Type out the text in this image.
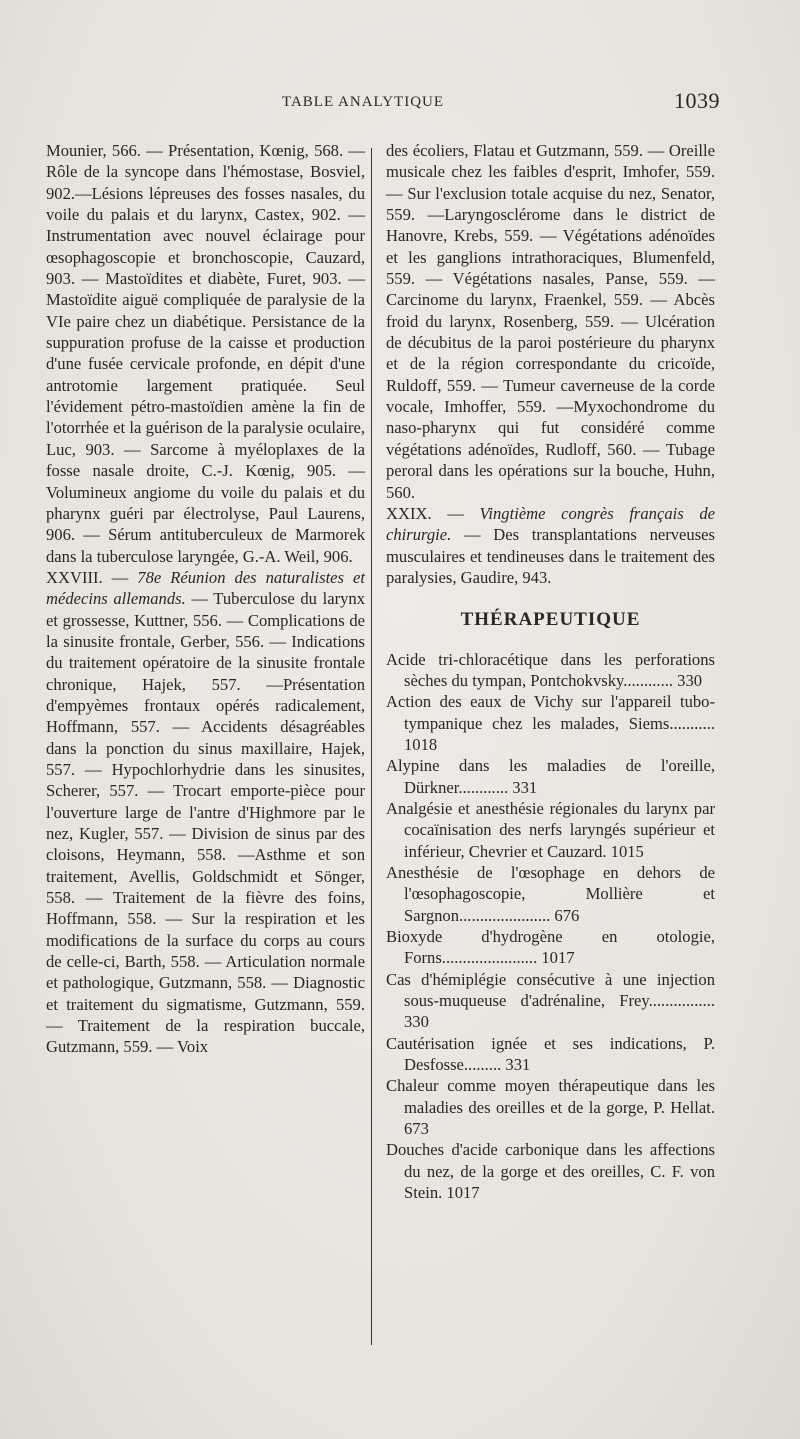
TABLE ANALYTIQUE	1039

Mounier, 566. — Présentation, Kœnig, 568. — Rôle de la syncope dans l'hémostase, Bosviel, 902.—Lésions lépreuses des fosses nasales, du voile du palais et du larynx, Castex, 902. — Instrumentation avec nouvel éclairage pour œsophagoscopie et bronchoscopie, Cauzard, 903. — Mastoïdites et diabète, Furet, 903. — Mastoïdite aiguë compliquée de paralysie de la VIe paire chez un diabétique. Persistance de la suppuration profuse de la caisse et production d'une fusée cervicale profonde, en dépit d'une antrotomie largement pratiquée. Seul l'évidement pétro-mastoïdien amène la fin de l'otorrhée et la guérison de la paralysie oculaire, Luc, 903. — Sarcome à myéloplaxes de la fosse nasale droite, C.-J. Kœnig, 905. — Volumineux angiome du voile du palais et du pharynx guéri par électrolyse, Paul Laurens, 906. — Sérum antituberculeux de Marmorek dans la tuberculose laryngée, G.-A. Weil, 906.

XXVIII. — 78e Réunion des naturalistes et médecins allemands. — Tuberculose du larynx et grossesse, Kuttner, 556. — Complications de la sinusite frontale, Gerber, 556. — Indications du traitement opératoire de la sinusite frontale chronique, Hajek, 557. —Présentation d'empyèmes frontaux opérés radicalement, Hoffmann, 557. — Accidents désagréables dans la ponction du sinus maxillaire, Hajek, 557. — Hypochlorhydrie dans les sinusites, Scherer, 557. — Trocart emporte-pièce pour l'ouverture large de l'antre d'Highmore par le nez, Kugler, 557. — Division de sinus par des cloisons, Heymann, 558. —Asthme et son traitement, Avellis, Goldschmidt et Sönger, 558. — Traitement de la fièvre des foins, Hoffmann, 558. — Sur la respiration et les modifications de la surface du corps au cours de celle-ci, Barth, 558. — Articulation normale et pathologique, Gutzmann, 558. — Diagnostic et traitement du sigmatisme, Gutzmann, 559. — Traitement de la respiration buccale, Gutzmann, 559. — Voix

des écoliers, Flatau et Gutzmann, 559. — Oreille musicale chez les faibles d'esprit, Imhofer, 559. — Sur l'exclusion totale acquise du nez, Senator, 559. —Laryngosclérome dans le district de Hanovre, Krebs, 559. — Végétations adénoïdes et les ganglions intrathoraciques, Blumenfeld, 559. — Végétations nasales, Panse, 559. — Carcinome du larynx, Fraenkel, 559. — Abcès froid du larynx, Rosenberg, 559. — Ulcération de décubitus de la paroi postérieure du pharynx et de la région correspondante du cricoïde, Ruldoff, 559. — Tumeur caverneuse de la corde vocale, Imhoffer, 559. —Myxochondrome du naso-pharynx qui fut considéré comme végétations adénoïdes, Rudloff, 560. — Tubage peroral dans les opérations sur la bouche, Huhn, 560.

XXIX. — Vingtième congrès français de chirurgie. — Des transplantations nerveuses musculaires et tendineuses dans le traitement des paralysies, Gaudire, 943.

THÉRAPEUTIQUE

Acide tri-chloracétique dans les perforations sèches du tympan, Pontchokvsky............ 330

Action des eaux de Vichy sur l'appareil tubo-tympanique chez les malades, Siems........... 1018

Alypine dans les maladies de l'oreille, Dürkner............ 331

Analgésie et anesthésie régionales du larynx par cocaïnisation des nerfs laryngés supérieur et inférieur, Chevrier et Cauzard. 1015

Anesthésie de l'œsophage en dehors de l'œsophagoscopie, Mollière et Sargnon...................... 676

Bioxyde d'hydrogène en otologie, Forns....................... 1017

Cas d'hémiplégie consécutive à une injection sous-muqueuse d'adrénaline, Frey................ 330

Cautérisation ignée et ses indications, P. Desfosse......... 331

Chaleur comme moyen thérapeutique dans les maladies des oreilles et de la gorge, P. Hellat. 673

Douches d'acide carbonique dans les affections du nez, de la gorge et des oreilles, C. F. von Stein. 1017
